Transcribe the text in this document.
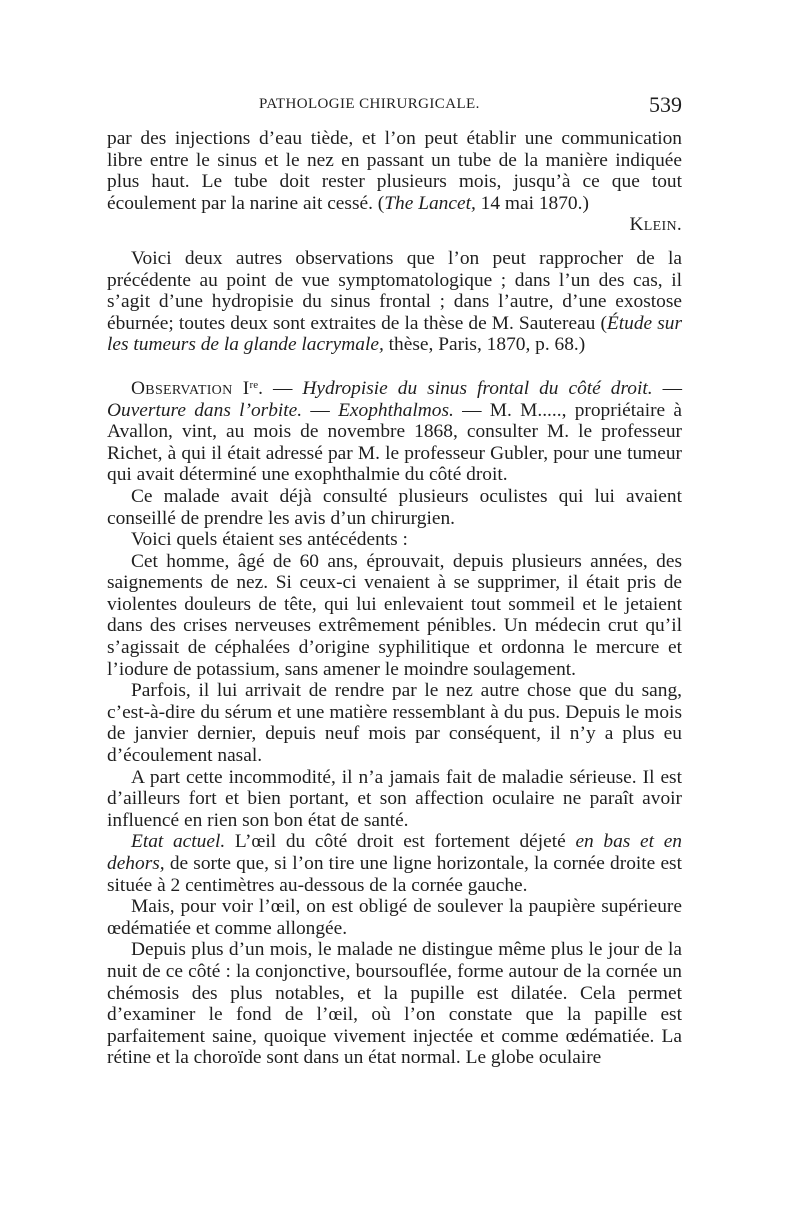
PATHOLOGIE CHIRURGICALE.	539

par des injections d’eau tiède, et l’on peut établir une communication libre entre le sinus et le nez en passant un tube de la manière indiquée plus haut. Le tube doit rester plusieurs mois, jusqu’à ce que tout écoulement par la narine ait cessé. (The Lancet, 14 mai 1870.)

Klein.

Voici deux autres observations que l’on peut rapprocher de la précédente au point de vue symptomatologique ; dans l’un des cas, il s’agit d’une hydropisie du sinus frontal ; dans l’autre, d’une exostose éburnée; toutes deux sont extraites de la thèse de M. Sautereau (Étude sur les tumeurs de la glande lacrymale, thèse, Paris, 1870, p. 68.)

Observation Ire. — Hydropisie du sinus frontal du côté droit. — Ouverture dans l’orbite. — Exophthalmos. — M. M....., propriétaire à Avallon, vint, au mois de novembre 1868, consulter M. le professeur Richet, à qui il était adressé par M. le professeur Gubler, pour une tumeur qui avait déterminé une exophthalmie du côté droit.

Ce malade avait déjà consulté plusieurs oculistes qui lui avaient conseillé de prendre les avis d’un chirurgien.

Voici quels étaient ses antécédents :

Cet homme, âgé de 60 ans, éprouvait, depuis plusieurs années, des saignements de nez. Si ceux-ci venaient à se supprimer, il était pris de violentes douleurs de tête, qui lui enlevaient tout sommeil et le jetaient dans des crises nerveuses extrêmement pénibles. Un médecin crut qu’il s’agissait de céphalées d’origine syphilitique et ordonna le mercure et l’iodure de potassium, sans amener le moindre soulagement.

Parfois, il lui arrivait de rendre par le nez autre chose que du sang, c’est-à-dire du sérum et une matière ressemblant à du pus. Depuis le mois de janvier dernier, depuis neuf mois par conséquent, il n’y a plus eu d’écoulement nasal.

A part cette incommodité, il n’a jamais fait de maladie sérieuse. Il est d’ailleurs fort et bien portant, et son affection oculaire ne paraît avoir influencé en rien son bon état de santé.

Etat actuel. L’œil du côté droit est fortement déjeté en bas et en dehors, de sorte que, si l’on tire une ligne horizontale, la cornée droite est située à 2 centimètres au-dessous de la cornée gauche.

Mais, pour voir l’œil, on est obligé de soulever la paupière supérieure œdématiée et comme allongée.

Depuis plus d’un mois, le malade ne distingue même plus le jour de la nuit de ce côté : la conjonctive, boursouflée, forme autour de la cornée un chémosis des plus notables, et la pupille est dilatée. Cela permet d’examiner le fond de l’œil, où l’on constate que la papille est parfaitement saine, quoique vivement injectée et comme œdématiée. La rétine et la choroïde sont dans un état normal. Le globe oculaire
